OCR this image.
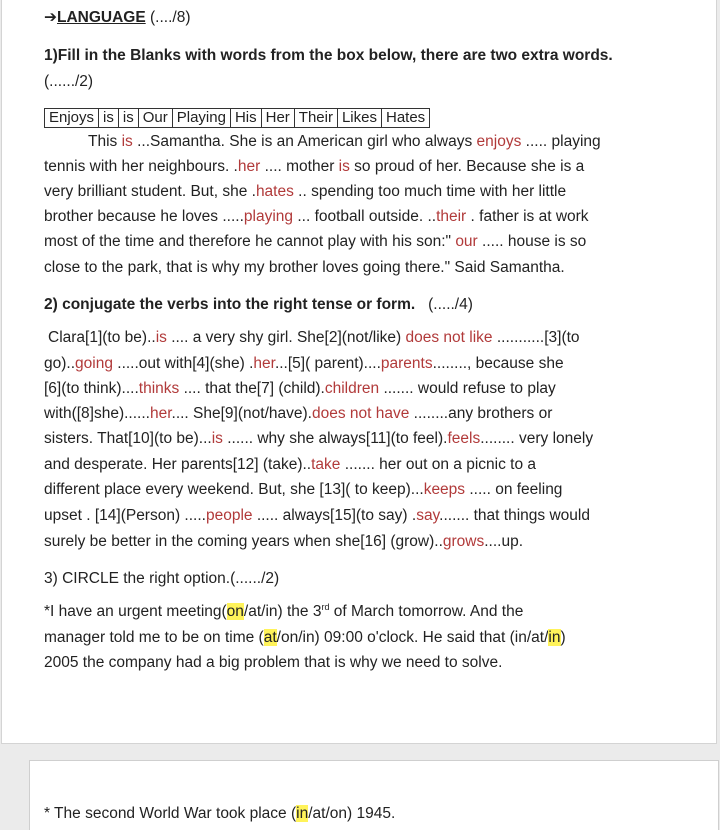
➔LANGUAGE (..../8)
1)Fill in the Blanks with words from the box below, there are two extra words.
(....../2)
Enjoys is is Our Playing His Her Their Likes Hates
This is ...Samantha. She is an American girl who always enjoys ..... playing
tennis with her neighbours. .her .... mother is so proud of her. Because she is a
very brilliant student. But, she .hates .. spending too much time with her little
brother because he loves .....playing ... football outside. ..their . father is at work
most of the time and therefore he cannot play with his son:" our ..... house is so
close to the park, that is why my brother loves going there." Said Samantha.
2) conjugate the verbs into the right tense or form. (...../4)
Clara[1](to be)..is .... a very shy girl. She[2](not/like) does not like ...........[3](to
go)..going .....out with[4](she) .her...[5]( parent)....parents........, because she
[6](to think)....thinks .... that the[7] (child).children ....... would refuse to play
with([8]she)......her.... She[9](not/have).does not have ........any brothers or
sisters. That[10](to be)...is ...... why she always[11](to feel).feels........ very lonely
and desperate. Her parents[12] (take)..take ....... her out on a picnic to a
different place every weekend. But, she [13]( to keep)...keeps ..... on feeling
upset . [14](Person) .....people ..... always[15](to say) .say....... that things would
surely be better in the coming years when she[16] (grow)..grows....up.
3) CIRCLE the right option.(....../2)
*I have an urgent meeting(on/at/in) the 3rd of March tomorrow. And the
manager told me to be on time (at/on/in) 09:00 o'clock. He said that (in/at/in)
2005 the company had a big problem that is why we need to solve.
* The second World War took place (in/at/on) 1945.
